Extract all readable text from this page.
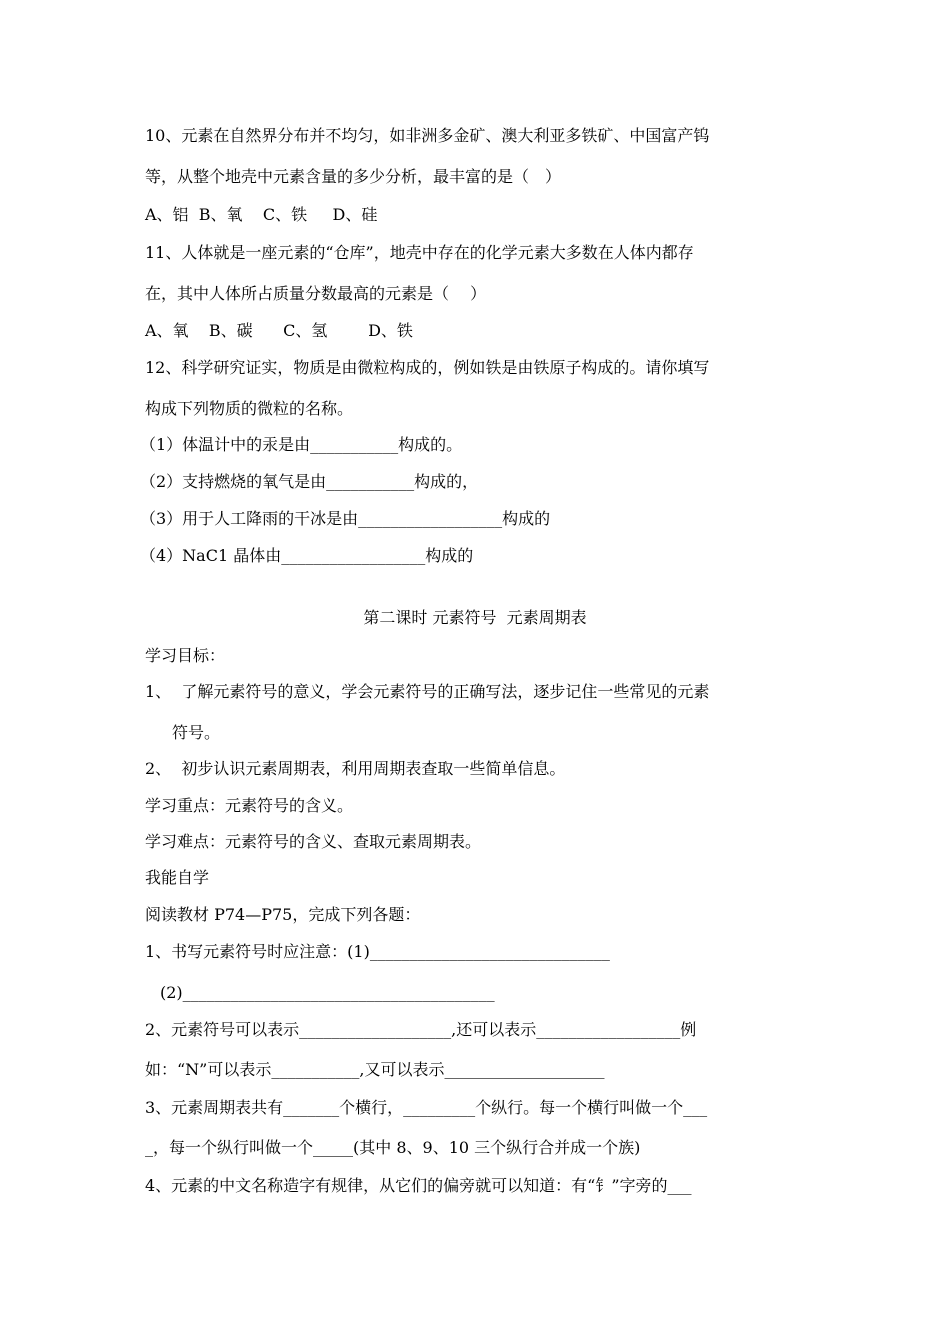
10、元素在自然界分布并不均匀，如非洲多金矿、澳大利亚多铁矿、中国富产钨
等，从整个地壳中元素含量的多少分析，最丰富的是（　）
A、铝  B、氧    C、铁     D、硅
11、人体就是一座元素的“仓库”，地壳中存在的化学元素大多数在人体内都存
在，其中人体所占质量分数最高的元素是（　 ）
A、氧    B、碳      C、氢        D、铁
12、科学研究证实，物质是由微粒构成的，例如铁是由铁原子构成的。请你填写
构成下列物质的微粒的名称。
（1）体温计中的汞是由___________构成的。
（2）支持燃烧的氧气是由___________构成的，
（3）用于人工降雨的干冰是由__________________构成的
（4）NaC1 晶体由__________________构成的
第二课时 元素符号  元素周期表
学习目标：
1、  了解元素符号的意义，学会元素符号的正确写法，逐步记住一些常见的元素
符号。
2、  初步认识元素周期表，利用周期表查取一些简单信息。
学习重点：元素符号的含义。
学习难点：元素符号的含义、查取元素周期表。
我能自学
阅读教材 P74—P75，完成下列各题：
1、书写元素符号时应注意：(1)______________________________
(2)_______________________________________
2、元素符号可以表示___________________,还可以表示__________________例
如：“N”可以表示___________,又可以表示____________________
3、元素周期表共有_______个横行，_________个纵行。每一个横行叫做一个___
_，每一个纵行叫做一个_____(其中 8、9、10 三个纵行合并成一个族)
4、元素的中文名称造字有规律，从它们的偏旁就可以知道：有“钅”字旁的___
